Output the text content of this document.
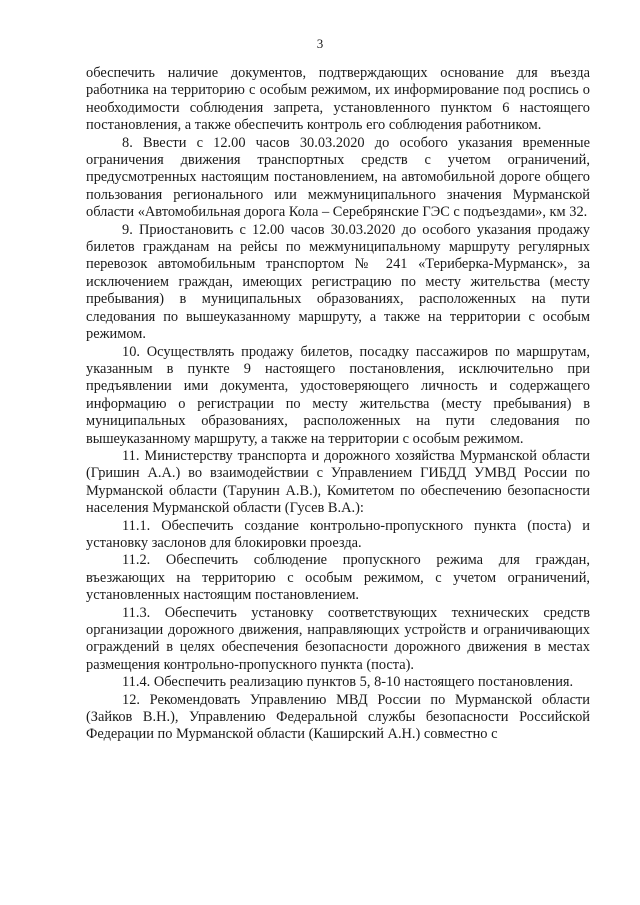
3

обеспечить наличие документов, подтверждающих основание для въезда работника на территорию с особым режимом, их информирование под роспись о необходимости соблюдения запрета, установленного пунктом 6 настоящего постановления, а также обеспечить контроль его соблюдения работником.

8. Ввести с 12.00 часов 30.03.2020 до особого указания временные ограничения движения транспортных средств с учетом ограничений, предусмотренных настоящим постановлением, на автомобильной дороге общего пользования регионального или межмуниципального значения Мурманской области «Автомобильная дорога Кола – Серебрянские ГЭС с подъездами», км 32.

9. Приостановить с 12.00 часов 30.03.2020 до особого указания продажу билетов гражданам на рейсы по межмуниципальному маршруту регулярных перевозок автомобильным транспортом № 241 «Териберка-Мурманск», за исключением граждан, имеющих регистрацию по месту жительства (месту пребывания) в муниципальных образованиях, расположенных на пути следования по вышеуказанному маршруту, а также на территории с особым режимом.

10. Осуществлять продажу билетов, посадку пассажиров по маршрутам, указанным в пункте 9 настоящего постановления, исключительно при предъявлении ими документа, удостоверяющего личность и содержащего информацию о регистрации по месту жительства (месту пребывания) в муниципальных образованиях, расположенных на пути следования по вышеуказанному маршруту, а также на территории с особым режимом.

11. Министерству транспорта и дорожного хозяйства Мурманской области (Гришин А.А.) во взаимодействии с Управлением ГИБДД УМВД России по Мурманской области (Тарунин А.В.), Комитетом по обеспечению безопасности населения Мурманской области (Гусев В.А.):

11.1. Обеспечить создание контрольно-пропускного пункта (поста) и установку заслонов для блокировки проезда.

11.2. Обеспечить соблюдение пропускного режима для граждан, въезжающих на территорию с особым режимом, с учетом ограничений, установленных настоящим постановлением.

11.3. Обеспечить установку соответствующих технических средств организации дорожного движения, направляющих устройств и ограничивающих ограждений в целях обеспечения безопасности дорожного движения в местах размещения контрольно-пропускного пункта (поста).

11.4. Обеспечить реализацию пунктов 5, 8-10 настоящего постановления.

12. Рекомендовать Управлению МВД России по Мурманской области (Зайков В.Н.), Управлению Федеральной службы безопасности Российской Федерации по Мурманской области (Каширский А.Н.) совместно с
